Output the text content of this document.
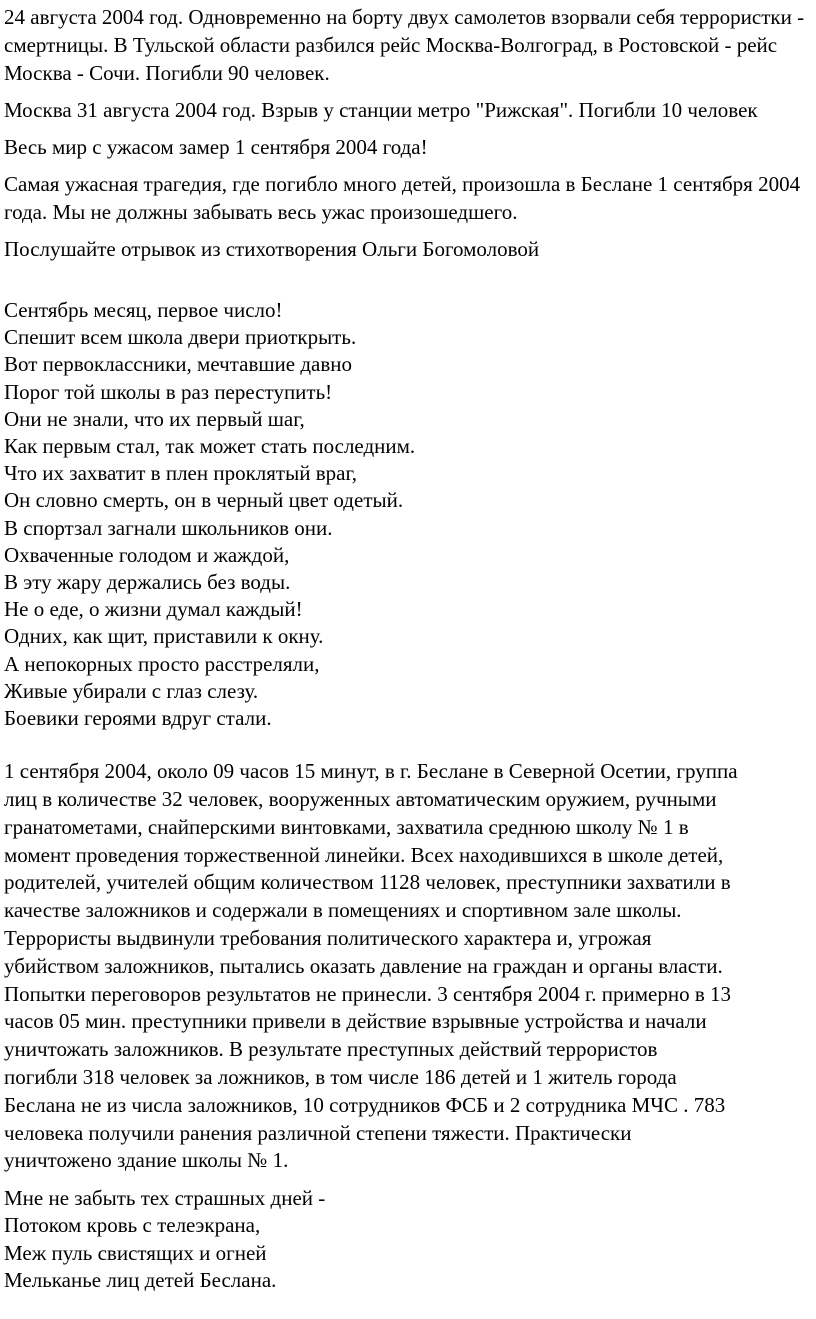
24 августа 2004 год. Одновременно на борту двух самолетов взорвали себя террористки - смертницы. В Тульской области разбился рейс Москва-Волгоград, в Ростовской - рейс Москва - Сочи. Погибли 90 человек.

Москва 31 августа 2004 год. Взрыв у станции метро "Рижская". Погибли 10 человек

Весь мир с ужасом замер 1 сентября 2004 года!

Самая ужасная трагедия, где погибло много детей, произошла в Беслане 1 сентября 2004 года. Мы не должны забывать весь ужас произошедшего.

Послушайте отрывок из стихотворения Ольги Богомоловой

Сентябрь месяц, первое число!

Спешит всем школа двери приоткрыть.

Вот первоклассники, мечтавшие давно

Порог той школы в раз переступить!

Они не знали, что их первый шаг,

Как первым стал, так может стать последним.

Что их захватит в плен проклятый враг,

Он словно смерть, он в черный цвет одетый.

В спортзал загнали школьников они.

Охваченные голодом и жаждой,

В эту жару держались без воды.

Не о еде, о жизни думал каждый!

Одних, как щит, приставили к окну.

А непокорных просто расстреляли,

Живые убирали с глаз слезу.

Боевики героями вдруг стали.

1 сентября 2004, около 09 часов 15 минут, в г. Беслане в Северной Осетии, группа
лиц в количестве 32 человек, вооруженных автоматическим оружием, ручными
гранатометами, снайперскими винтовками, захватила среднюю школу № 1 в
момент проведения торжественной линейки. Всех находившихся в школе детей,
родителей, учителей общим количеством 1128 человек, преступники захватили в
качестве заложников и содержали в помещениях и спортивном зале школы.
Террористы выдвинули требования политического характера и, угрожая
убийством заложников, пытались оказать давление на граждан и органы власти.
Попытки переговоров результатов не принесли. 3 сентября 2004 г. примерно в 13
часов 05 мин. преступники привели в действие взрывные устройства и начали
уничтожать заложников. В результате преступных действий террористов
погибли 318 человек за ложников, в том числе 186 детей и 1 житель города
Беслана не из числа заложников, 10 сотрудников ФСБ и 2 сотрудника МЧС . 783
человека получили ранения различной степени тяжести. Практически
уничтожено здание школы № 1.

Мне не забыть тех страшных дней -

Потоком кровь с телеэкрана,

Меж пуль свистящих и огней

Мельканье лиц детей Беслана.
